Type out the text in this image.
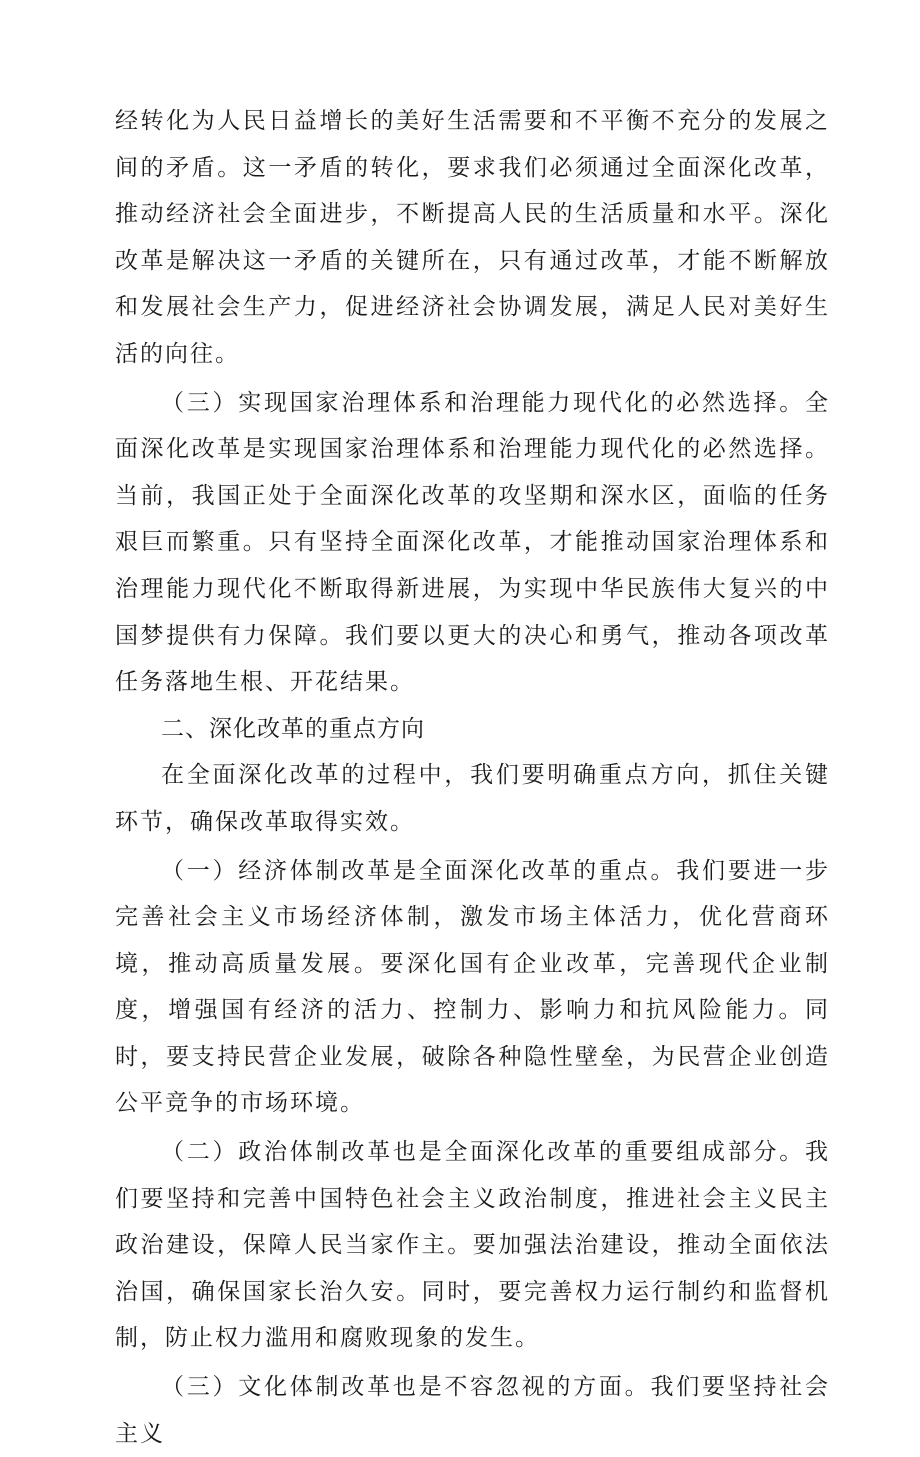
经转化为人民日益增长的美好生活需要和不平衡不充分的发展之间的矛盾。这一矛盾的转化，要求我们必须通过全面深化改革，推动经济社会全面进步，不断提高人民的生活质量和水平。深化改革是解决这一矛盾的关键所在，只有通过改革，才能不断解放和发展社会生产力，促进经济社会协调发展，满足人民对美好生活的向往。

（三）实现国家治理体系和治理能力现代化的必然选择。全面深化改革是实现国家治理体系和治理能力现代化的必然选择。当前，我国正处于全面深化改革的攻坚期和深水区，面临的任务艰巨而繁重。只有坚持全面深化改革，才能推动国家治理体系和治理能力现代化不断取得新进展，为实现中华民族伟大复兴的中国梦提供有力保障。我们要以更大的决心和勇气，推动各项改革任务落地生根、开花结果。

二、深化改革的重点方向

在全面深化改革的过程中，我们要明确重点方向，抓住关键环节，确保改革取得实效。

（一）经济体制改革是全面深化改革的重点。我们要进一步完善社会主义市场经济体制，激发市场主体活力，优化营商环境，推动高质量发展。要深化国有企业改革，完善现代企业制度，增强国有经济的活力、控制力、影响力和抗风险能力。同时，要支持民营企业发展，破除各种隐性壁垒，为民营企业创造公平竞争的市场环境。

（二）政治体制改革也是全面深化改革的重要组成部分。我们要坚持和完善中国特色社会主义政治制度，推进社会主义民主政治建设，保障人民当家作主。要加强法治建设，推动全面依法治国，确保国家长治久安。同时，要完善权力运行制约和监督机制，防止权力滥用和腐败现象的发生。

（三）文化体制改革也是不容忽视的方面。我们要坚持社会主义
